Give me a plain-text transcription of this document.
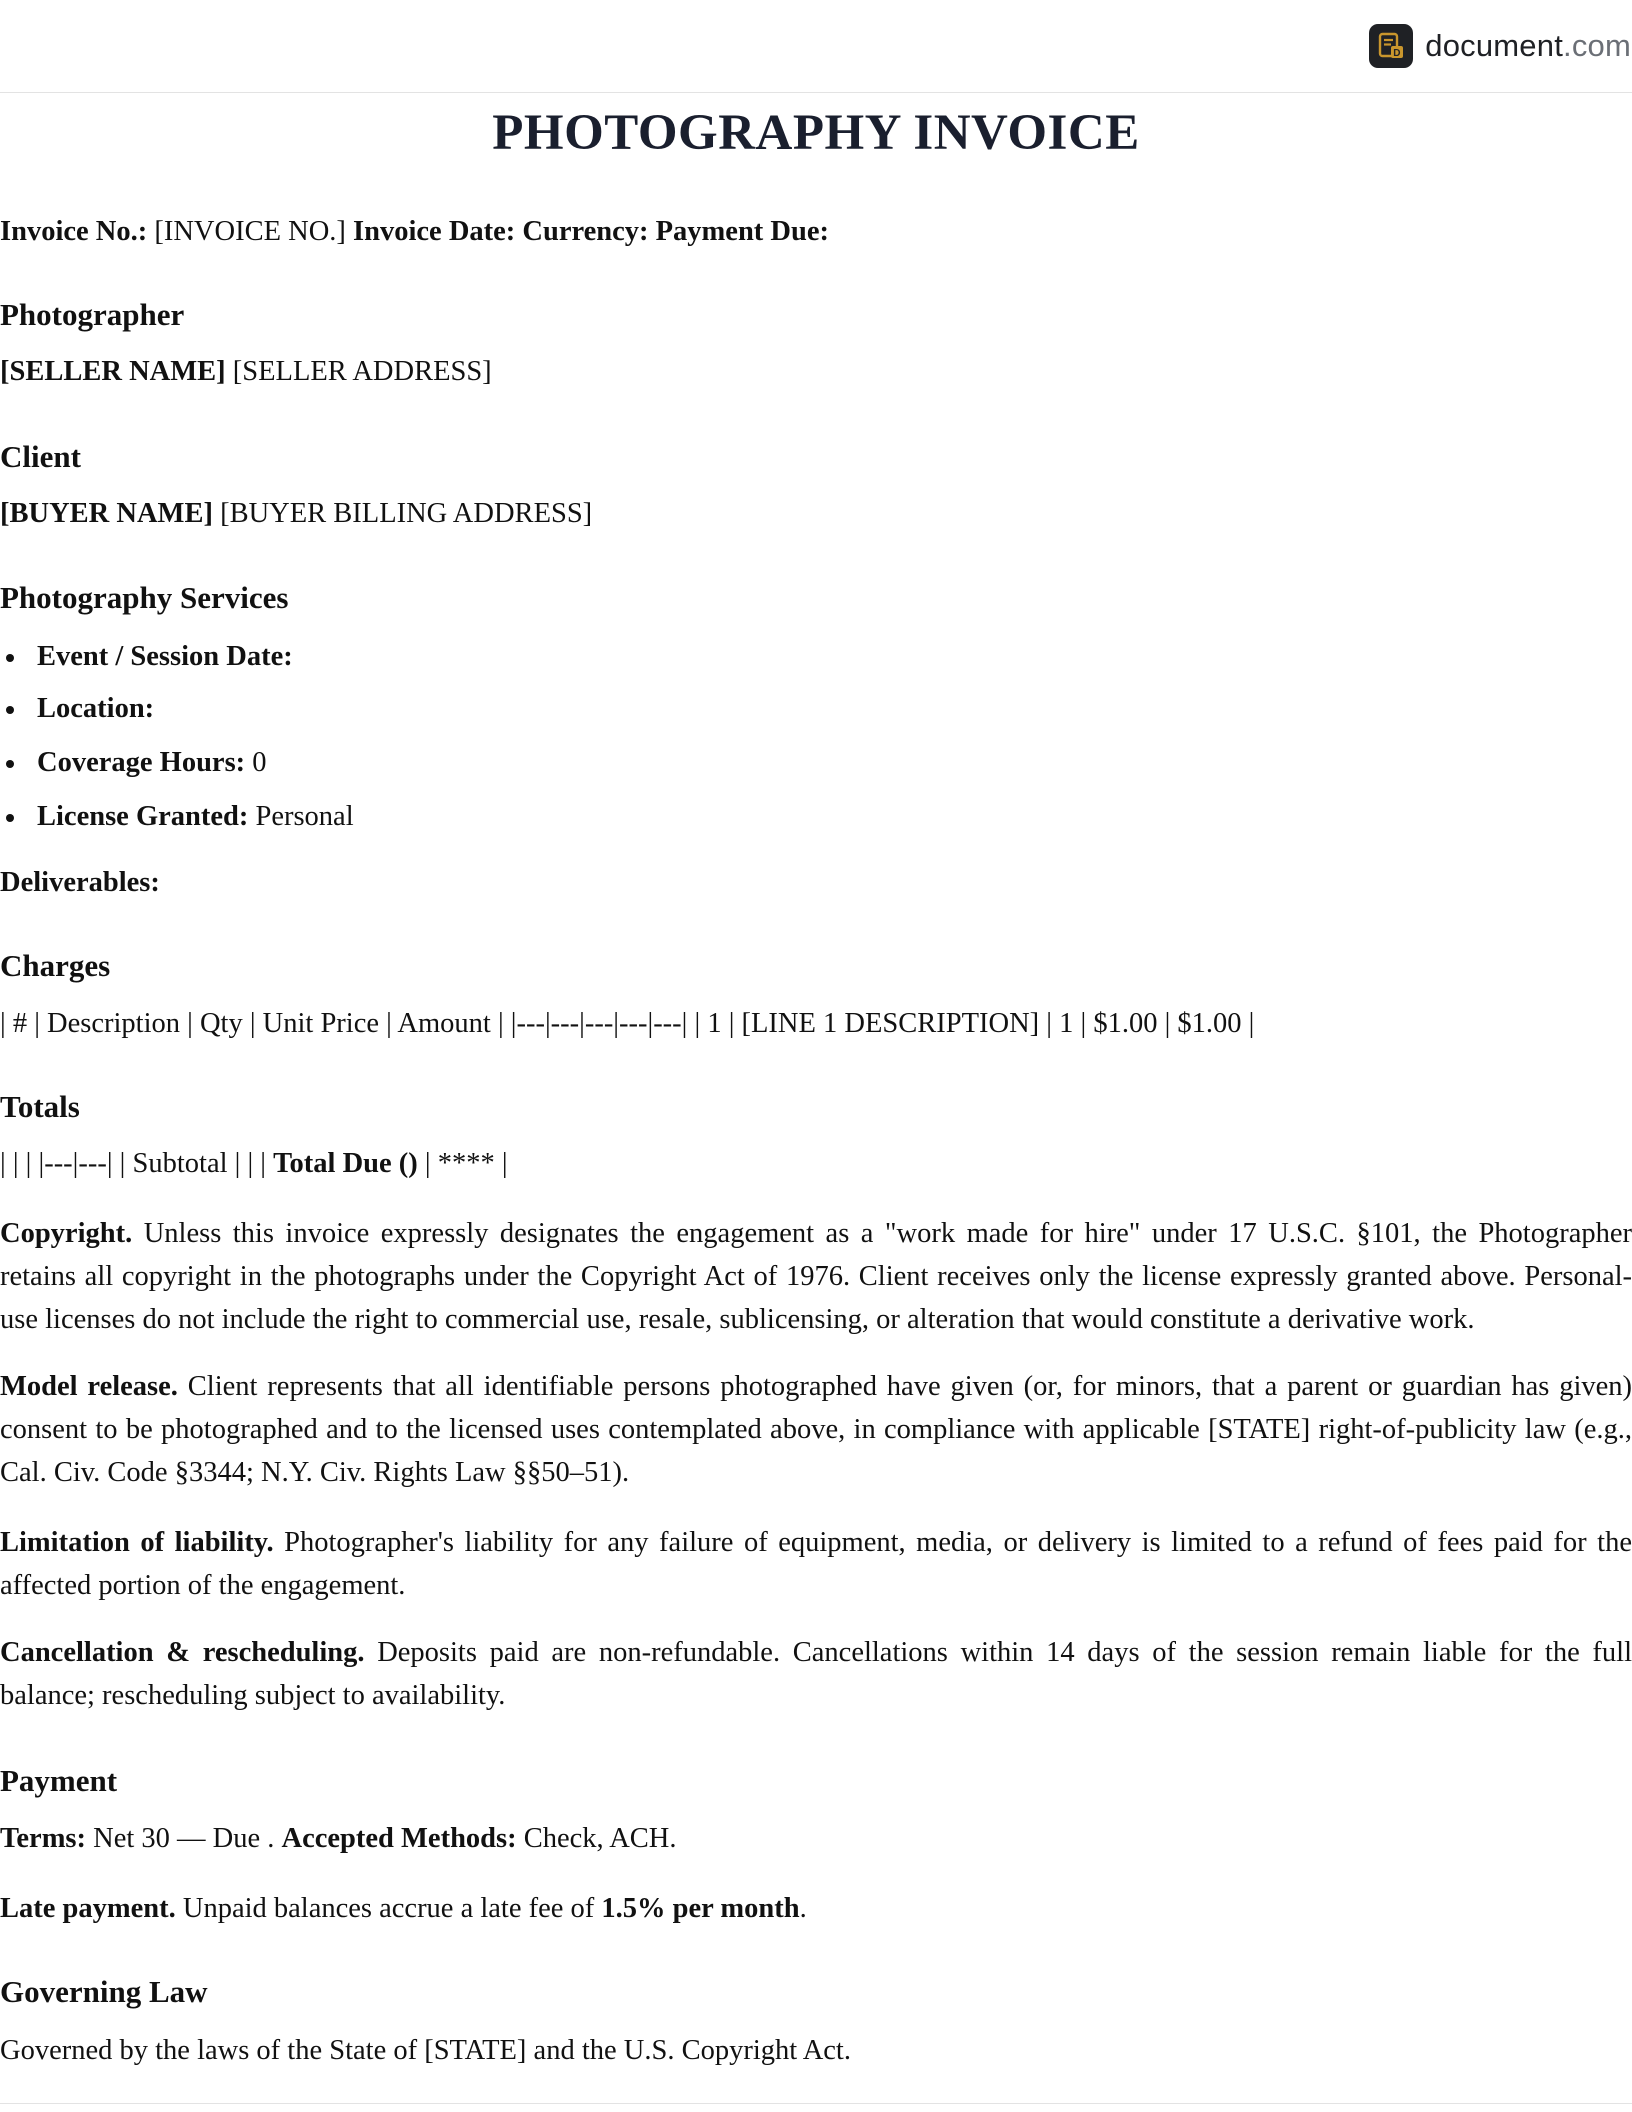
D document .com
PHOTOGRAPHY INVOICE

Invoice No.: [INVOICE NO.] Invoice Date: Currency: Payment Due:

Photographer

[SELLER NAME] [SELLER ADDRESS]

Client

[BUYER NAME] [BUYER BILLING ADDRESS]

Photography Services
Event / Session Date:
Location:
Coverage Hours: 0
License Granted: Personal

Deliverables:

Charges

| # | Description | Qty | Unit Price | Amount | |---|---|---|---|---| | 1 | [LINE 1 DESCRIPTION] | 1 | $1.00 | $1.00 |

Totals

| | | |---|---| | Subtotal | | | Total Due () | **** |

Copyright. Unless this invoice expressly designates the engagement as a "work made for hire" under 17 U.S.C. §101, the Photographer retains all copyright in the photographs under the Copyright Act of 1976. Client receives only the license expressly granted above. Personal-use licenses do not include the right to commercial use, resale, sublicensing, or alteration that would constitute a derivative work.

Model release. Client represents that all identifiable persons photographed have given (or, for minors, that a parent or guardian has given) consent to be photographed and to the licensed uses contemplated above, in compliance with applicable [STATE] right-of-publicity law (e.g., Cal. Civ. Code §3344; N.Y. Civ. Rights Law §§50–51).

Limitation of liability. Photographer's liability for any failure of equipment, media, or delivery is limited to a refund of fees paid for the affected portion of the engagement.

Cancellation & rescheduling. Deposits paid are non-refundable. Cancellations within 14 days of the session remain liable for the full balance; rescheduling subject to availability.

Payment

Terms: Net 30 — Due . Accepted Methods: Check, ACH.

Late payment. Unpaid balances accrue a late fee of 1.5% per month.

Governing Law

Governed by the laws of the State of [STATE] and the U.S. Copyright Act.
